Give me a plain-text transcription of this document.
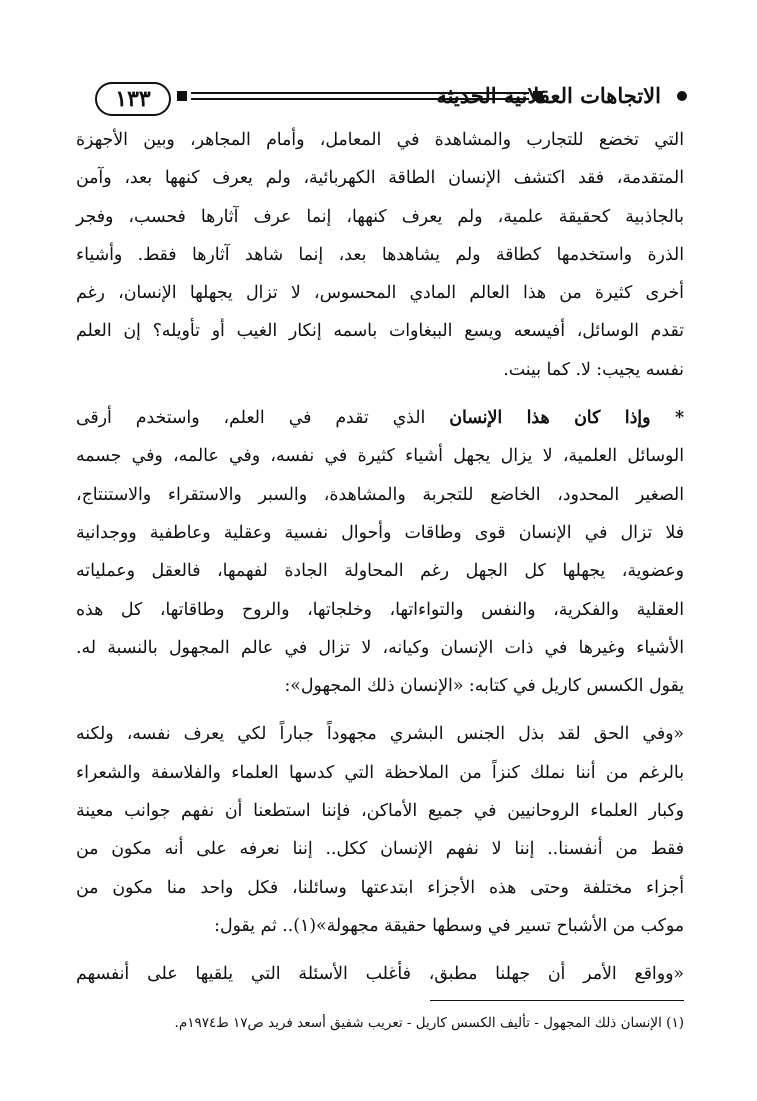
١٣٣	الاتجاهات العقلانية الحديثة
التي تخضع للتجارب والمشاهدة في المعامل، وأمام المجاهر، وبين الأجهزة
المتقدمة، فقد اكتشف الإنسان الطاقة الكهربائية، ولم يعرف كنهها بعد، وآمن
بالجاذبية كحقيقة علمية، ولم يعرف كنهها، إنما عرف آثارها فحسب، وفجر
الذرة واستخدمها كطاقة ولم يشاهدها بعد، إنما شاهد آثارها فقط. وأشياء
أخرى كثيرة من هذا العالم المادي المحسوس، لا تزال يجهلها الإنسان، رغم
تقدم الوسائل، أفيسعه ويسع الببغاوات باسمه إنكار الغيب أو تأويله؟ إن العلم
نفسه يجيب: لا. كما بينت.
* وإذا كان هذا الإنسان الذي تقدم في العلم، واستخدم أرقى
الوسائل العلمية، لا يزال يجهل أشياء كثيرة في نفسه، وفي عالمه، وفي جسمه
الصغير المحدود، الخاضع للتجربة والمشاهدة، والسبر والاستقراء والاستنتاج،
فلا تزال في الإنسان قوى وطاقات وأحوال نفسية وعقلية وعاطفية ووجدانية
وعضوية، يجهلها كل الجهل رغم المحاولة الجادة لفهمها، فالعقل وعملياته
العقلية والفكرية، والنفس والتواءاتها، وخلجاتها، والروح وطاقاتها، كل هذه
الأشياء وغيرها في ذات الإنسان وكيانه، لا تزال في عالم المجهول بالنسبة له.
يقول الكسس كاريل في كتابه: «الإنسان ذلك المجهول»:
«وفي الحق لقد بذل الجنس البشري مجهوداً جباراً لكي يعرف نفسه، ولكنه
بالرغم من أننا نملك كنزاً من الملاحظة التي كدسها العلماء والفلاسفة والشعراء
وكبار العلماء الروحانيين في جميع الأماكن، فإننا استطعنا أن نفهم جوانب معينة
فقط من أنفسنا.. إننا لا نفهم الإنسان ككل.. إننا نعرفه على أنه مكون من
أجزاء مختلفة وحتى هذه الأجزاء ابتدعتها وسائلنا، فكل واحد منا مكون من
موكب من الأشباح تسير في وسطها حقيقة مجهولة»(١).. ثم يقول:
«وواقع الأمر أن جهلنا مطبق، فأغلب الأسئلة التي يلقيها على أنفسهم
(١) الإنسان ذلك المجهول - تأليف الكسس كاريل - تعريب شفيق أسعد فريد ص١٧ ط١٩٧٤م.
